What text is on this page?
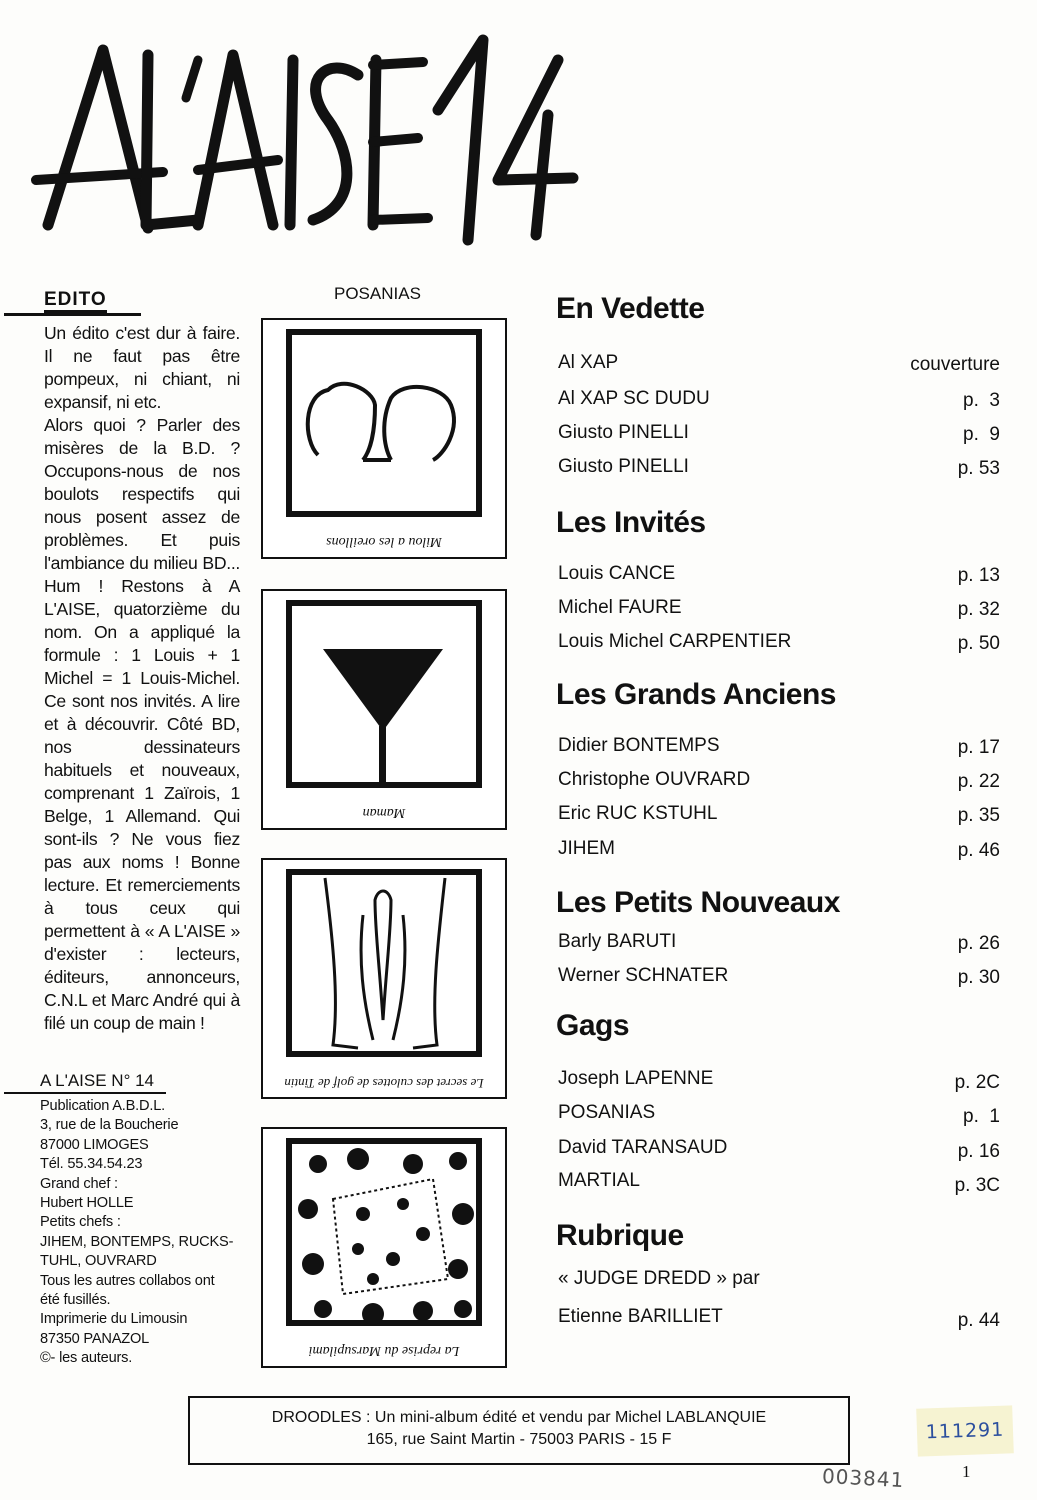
EDITO

Un édito c'est dur à faire. Il ne faut pas être pompeux, ni chiant, ni expansif, ni etc.

Alors quoi ? Parler des misères de la B.D. ? Occupons-nous de nos boulots respectifs qui nous posent assez de problèmes. Et puis l'ambiance du milieu BD... Hum ! Restons à A L'AISE, quatorzième du nom. On a appliqué la formule : 1 Louis + 1 Michel = 1 Louis-Michel. Ce sont nos invités. A lire et à découvrir. Côté BD, nos dessinateurs habituels et nouveaux, comprenant 1 Zaïrois, 1 Belge, 1 Allemand. Qui sont-ils ? Ne vous fiez pas aux noms ! Bonne lecture. Et remerciements à tous ceux qui permettent à « A L'AISE » d'exister : lecteurs, éditeurs, annonceurs, C.N.L et Marc André qui à filé un coup de main !

A L'AISE N° 14
Publication A.B.D.L.
3, rue de la Boucherie
87000 LIMOGES
Tél. 55.34.54.23
Grand chef :
Hubert HOLLE
Petits chefs :
JIHEM, BONTEMPS, RUCKS-
TUHL, OUVRARD
Tous les autres collabos ont
été fusillés.
Imprimerie du Limousin
87350 PANAZOL
©- les auteurs.
POSANIAS
Milou a les oreillons
Maman
Le secret des culottes de golf de Tintin
La reprise du Marsupilami
En Vedette
Al XAP	couverture
Al XAP SC DUDU	p.  3
Giusto PINELLI	p.  9
Giusto PINELLI	p. 53
Les Invités
Louis CANCE	p. 13
Michel FAURE	p. 32
Louis Michel CARPENTIER	p. 50
Les Grands Anciens
Didier BONTEMPS	p. 17
Christophe OUVRARD	p. 22
Eric RUC KSTUHL	p. 35
JIHEM	p. 46
Les Petits Nouveaux
Barly BARUTI	p. 26
Werner SCHNATER	p. 30
Gags
Joseph LAPENNE	p. 2C
POSANIAS	p.  1
David TARANSAUD	p. 16
MARTIAL	p. 3C
Rubrique
« JUDGE DREDD » par
Etienne BARILLIET	p. 44
DROODLES : Un mini-album édité et vendu par Michel LABLANQUIE
165, rue Saint Martin - 75003 PARIS - 15 F	111291
003841	1
